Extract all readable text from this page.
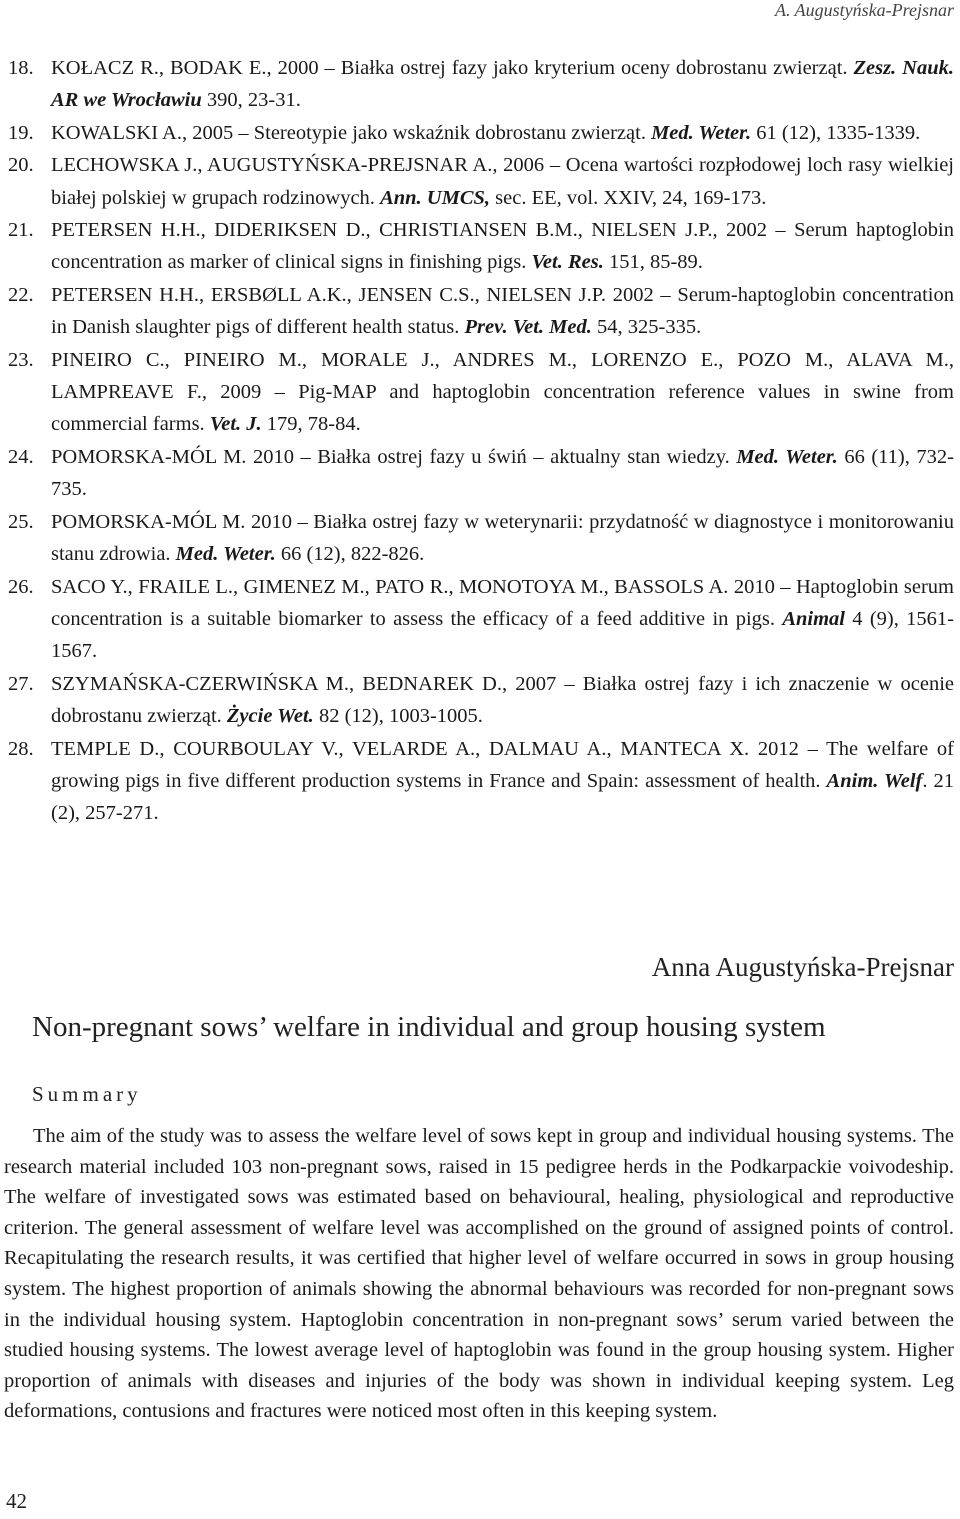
A. Augustyńska-Prejsnar
18. KOŁACZ R., BODAK E., 2000 – Białka ostrej fazy jako kryterium oceny dobrostanu zwierząt. Zesz. Nauk. AR we Wrocławiu 390, 23-31.
19. KOWALSKI A., 2005 – Stereotypie jako wskaźnik dobrostanu zwierząt. Med. Weter. 61 (12), 1335-1339.
20. LECHOWSKA J., AUGUSTYŃSKA-PREJSNAR A., 2006 – Ocena wartości rozpłodowej loch rasy wielkiej białej polskiej w grupach rodzinowych. Ann. UMCS, sec. EE, vol. XXIV, 24, 169-173.
21. PETERSEN H.H., DIDERIKSEN D., CHRISTIANSEN B.M., NIELSEN J.P., 2002 – Serum haptoglobin concentration as marker of clinical signs in finishing pigs. Vet. Res. 151, 85-89.
22. PETERSEN H.H., ERSBØLL A.K., JENSEN C.S., NIELSEN J.P. 2002 – Serum-haptoglobin concentration in Danish slaughter pigs of different health status. Prev. Vet. Med. 54, 325-335.
23. PINEIRO C., PINEIRO M., MORALE J., ANDRES M., LORENZO E., POZO M., ALAVA M., LAMPREAVE F., 2009 – Pig-MAP and haptoglobin concentration reference values in swine from commercial farms. Vet. J. 179, 78-84.
24. POMORSKA-MÓL M. 2010 – Białka ostrej fazy u świń – aktualny stan wiedzy. Med. Weter. 66 (11), 732-735.
25. POMORSKA-MÓL M. 2010 – Białka ostrej fazy w weterynarii: przydatność w diagnostyce i monitorowaniu stanu zdrowia. Med. Weter. 66 (12), 822-826.
26. SACO Y., FRAILE L., GIMENEZ M., PATO R., MONOTOYA M., BASSOLS A. 2010 – Haptoglobin serum concentration is a suitable biomarker to assess the efficacy of a feed additive in pigs. Animal 4 (9), 1561-1567.
27. SZYMAŃSKA-CZERWIŃSKA M., BEDNAREK D., 2007 – Białka ostrej fazy i ich znaczenie w ocenie dobrostanu zwierząt. Życie Wet. 82 (12), 1003-1005.
28. TEMPLE D., COURBOULAY V., VELARDE A., DALMAU A., MANTECA X. 2012 – The welfare of growing pigs in five different production systems in France and Spain: assessment of health. Anim. Welf. 21 (2), 257-271.
Anna Augustyńska-Prejsnar
Non-pregnant sows’ welfare in individual and group housing system
Summary

The aim of the study was to assess the welfare level of sows kept in group and individual housing systems. The research material included 103 non-pregnant sows, raised in 15 pedigree herds in the Podkarpackie voivodeship. The welfare of investigated sows was estimated based on behavioural, healing, physiological and reproductive criterion. The general assessment of welfare level was accomplished on the ground of assigned points of control. Recapitulating the research results, it was certified that higher level of welfare occurred in sows in group housing system. The highest proportion of animals showing the abnormal behaviours was recorded for non-pregnant sows in the individual housing system. Haptoglobin concentration in non-pregnant sows’ serum varied between the studied housing systems. The lowest average level of haptoglobin was found in the group housing system. Higher proportion of animals with diseases and injuries of the body was shown in individual keeping system. Leg deformations, contusions and fractures were noticed most often in this keeping system.

42
